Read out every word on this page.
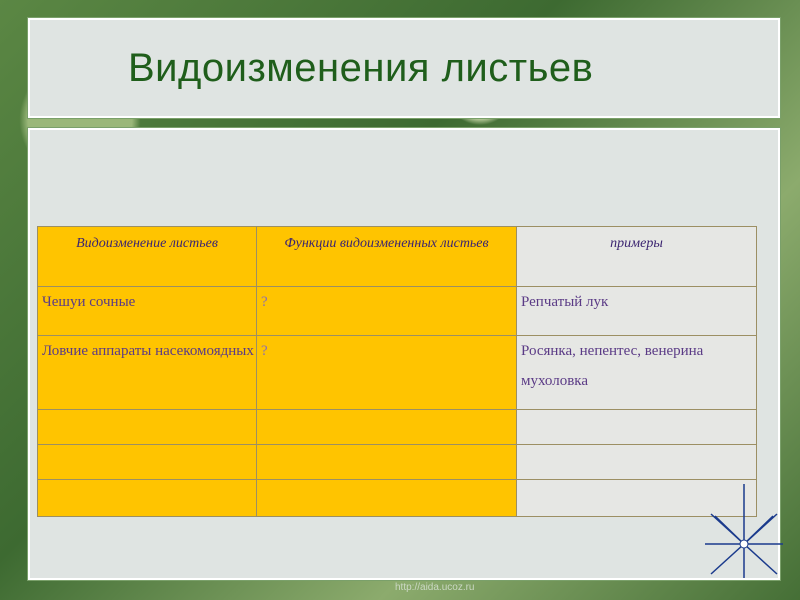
Видоизменения листьев
Видоизменение листьев	Функции видоизмененных листьев	примеры
Чешуи сочные	?	Репчатый лук
Ловчие аппараты насекомоядных	?	Росянка, непентес, венерина мухоловка

http://aida.ucoz.ru
